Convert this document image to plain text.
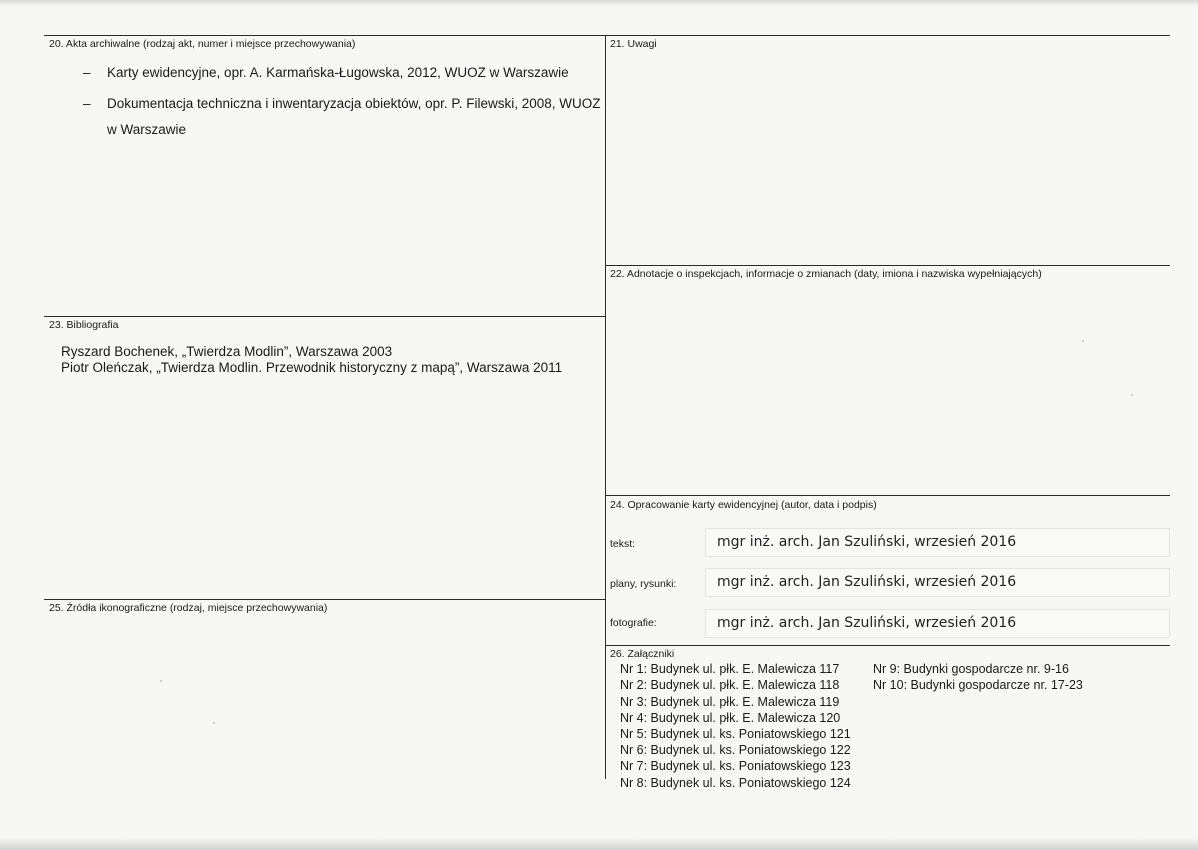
20. Akta archiwalne (rodzaj akt, numer i miejsce przechowywania)
– Karty ewidencyjne, opr. A. Karmańska-Ługowska, 2012, WUOZ w Warszawie
– Dokumentacja techniczna i inwentaryzacja obiektów, opr. P. Filewski, 2008, WUOZ
w Warszawie
21. Uwagi
22. Adnotacje o inspekcjach, informacje o zmianach (daty, imiona i nazwiska wypełniających)
23. Bibliografia
Ryszard Bochenek, „Twierdza Modlin”, Warszawa 2003
Piotr Oleńczak, „Twierdza Modlin. Przewodnik historyczny z mapą”, Warszawa 2011
24. Opracowanie karty ewidencyjnej (autor, data i podpis)
tekst:	mgr inż. arch. Jan Szuliński, wrzesień 2016
plany, rysunki:	mgr inż. arch. Jan Szuliński, wrzesień 2016
fotografie:	mgr inż. arch. Jan Szuliński, wrzesień 2016
25. Źródła ikonograficzne (rodzaj, miejsce przechowywania)
26. Załączniki
Nr 1: Budynek ul. płk. E. Malewicza 117
Nr 2: Budynek ul. płk. E. Malewicza 118
Nr 3: Budynek ul. płk. E. Malewicza 119
Nr 4: Budynek ul. płk. E. Malewicza 120
Nr 5: Budynek ul. ks. Poniatowskiego 121
Nr 6: Budynek ul. ks. Poniatowskiego 122
Nr 7: Budynek ul. ks. Poniatowskiego 123
Nr 8: Budynek ul. ks. Poniatowskiego 124
Nr 9: Budynki gospodarcze nr. 9-16
Nr 10: Budynki gospodarcze nr. 17-23
